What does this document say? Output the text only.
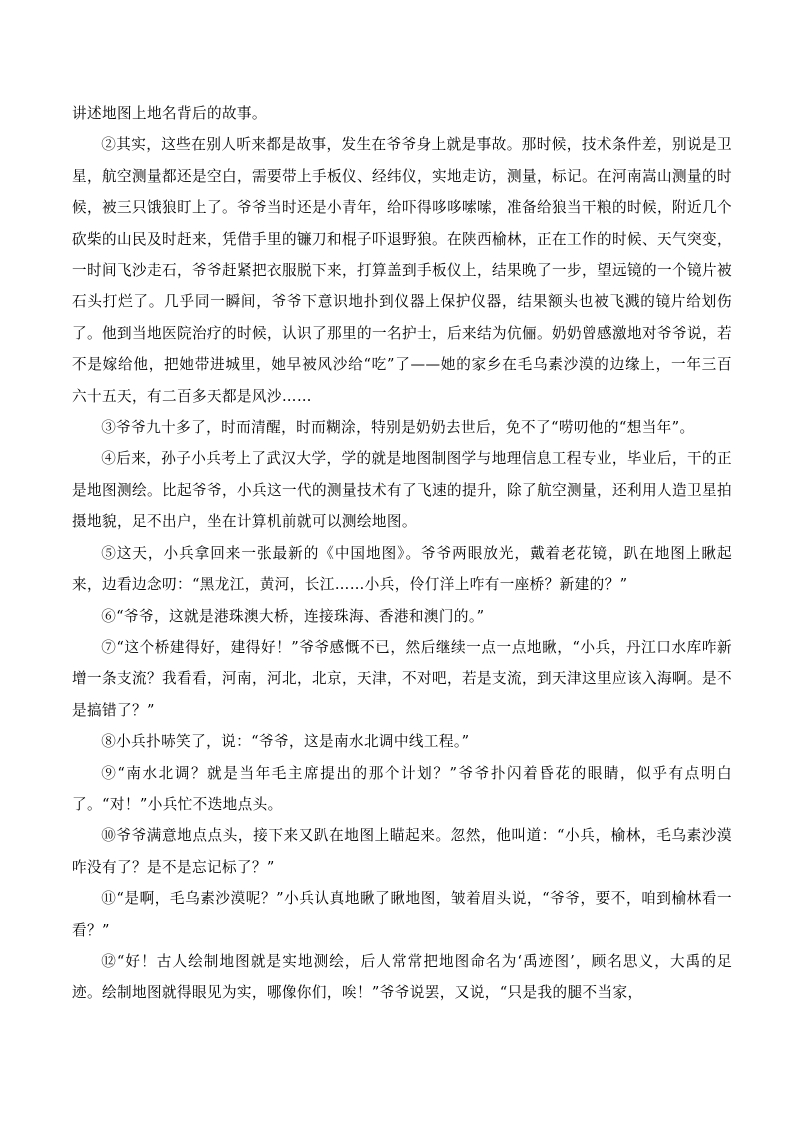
讲述地图上地名背后的故事。

②其实，这些在别人听来都是故事，发生在爷爷身上就是事故。那时候，技术条件差，别说是卫星，航空测量都还是空白，需要带上手板仪、经纬仪，实地走访，测量，标记。在河南嵩山测量的时候，被三只饿狼盯上了。爷爷当时还是小青年，给吓得哆哆嗦嗦，准备给狼当干粮的时候，附近几个砍柴的山民及时赶来，凭借手里的镰刀和棍子吓退野狼。在陕西榆林，正在工作的时候、天气突变，一时间飞沙走石，爷爷赶紧把衣服脱下来，打算盖到手板仪上，结果晚了一步，望远镜的一个镜片被石头打烂了。几乎同一瞬间，爷爷下意识地扑到仪器上保护仪器，结果额头也被飞溅的镜片给划伤了。他到当地医院治疗的时候，认识了那里的一名护士，后来结为伉俪。奶奶曾感激地对爷爷说，若不是嫁给他，把她带进城里，她早被风沙给“吃”了——她的家乡在毛乌素沙漠的边缘上，一年三百六十五天，有二百多天都是风沙……

③爷爷九十多了，时而清醒，时而糊涂，特别是奶奶去世后，免不了“唠叨他的“想当年”。

④后来，孙子小兵考上了武汉大学，学的就是地图制图学与地理信息工程专业，毕业后，干的正是地图测绘。比起爷爷，小兵这一代的测量技术有了飞速的提升，除了航空测量，还利用人造卫星拍摄地貌，足不出户，坐在计算机前就可以测绘地图。

⑤这天，小兵拿回来一张最新的《中国地图》。爷爷两眼放光，戴着老花镜，趴在地图上瞅起来，边看边念叨：“黑龙江，黄河，长江……小兵，伶仃洋上咋有一座桥？新建的？”

⑥“爷爷，这就是港珠澳大桥，连接珠海、香港和澳门的。”

⑦“这个桥建得好，建得好！”爷爷感慨不已，然后继续一点一点地瞅，“小兵，丹江口水库咋新增一条支流？我看看，河南，河北，北京，天津，不对吧，若是支流，到天津这里应该入海啊。是不是搞错了？”

⑧小兵扑哧笑了，说：“爷爷，这是南水北调中线工程。”

⑨“南水北调？就是当年毛主席提出的那个计划？”爷爷扑闪着昏花的眼睛，似乎有点明白了。“对！”小兵忙不迭地点头。

⑩爷爷满意地点点头，接下来又趴在地图上瞄起来。忽然，他叫道：“小兵，榆林，毛乌素沙漠咋没有了？是不是忘记标了？”

⑪“是啊，毛乌素沙漠呢？”小兵认真地瞅了瞅地图，皱着眉头说，“爷爷，要不，咱到榆林看一看？”

⑫“好！古人绘制地图就是实地测绘，后人常常把地图命名为‘禹迹图’，顾名思义，大禹的足迹。绘制地图就得眼见为实，哪像你们，唉！”爷爷说罢，又说，“只是我的腿不当家，
